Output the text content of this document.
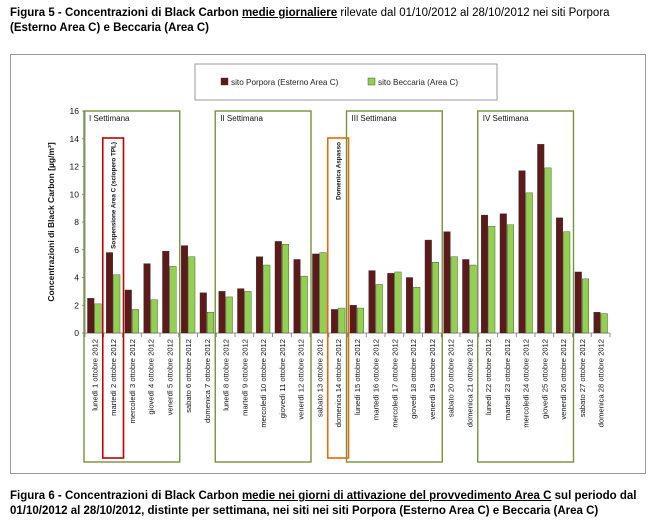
Figura 5 - Concentrazioni di Black Carbon medie giornaliere rilevate dal 01/10/2012 al 28/10/2012 nei siti Porpora
(Esterno Area C) e Beccaria (Area C)
sito Porpora (Esterno Area C)	sito Beccaria (Area C)
Concentrazioni di Black Carbon [µg/m³]
0
2
4
6
8
10
12
14
16
lunedì 1 ottobre 2012 martedì 2 ottobre 2012 mercoledì 3 ottobre 2012 giovedì 4 ottobre 2012 venerdì 5 ottobre 2012 sabato 6 ottobre 2012 domenica 7 ottobre 2012 lunedì 8 ottobre 2012 martedì 9 ottobre 2012 mercoledì 10 ottobre 2012 giovedì 11 ottobre 2012 venerdì 12 ottobre 2012 sabato 13 ottobre 2012 domenica 14 ottobre 2012 lunedì 15 ottobre 2012 martedì 16 ottobre 2012 mercoledì 17 ottobre 2012 giovedì 18 ottobre 2012 venerdì 19 ottobre 2012 sabato 20 ottobre 2012 domenica 21 ottobre 2012 lunedì 22 ottobre 2012 martedì 23 ottobre 2012 mercoledì 24 ottobre 2012 giovedì 25 ottobre 2012 venerdì 26 ottobre 2012 sabato 27 ottobre 2012 domenica 28 ottobre 2012
I Settimana	II Settimana	III Settimana	IV Settimana
Sospensione Area C (sciopero TPL)	Domenica Aspasso
Figura 6 - Concentrazioni di Black Carbon medie nei giorni di attivazione del provvedimento Area C sul periodo dal
01/10/2012 al 28/10/2012, distinte per settimana, nei siti nei siti Porpora (Esterno Area C) e Beccaria (Area C)
